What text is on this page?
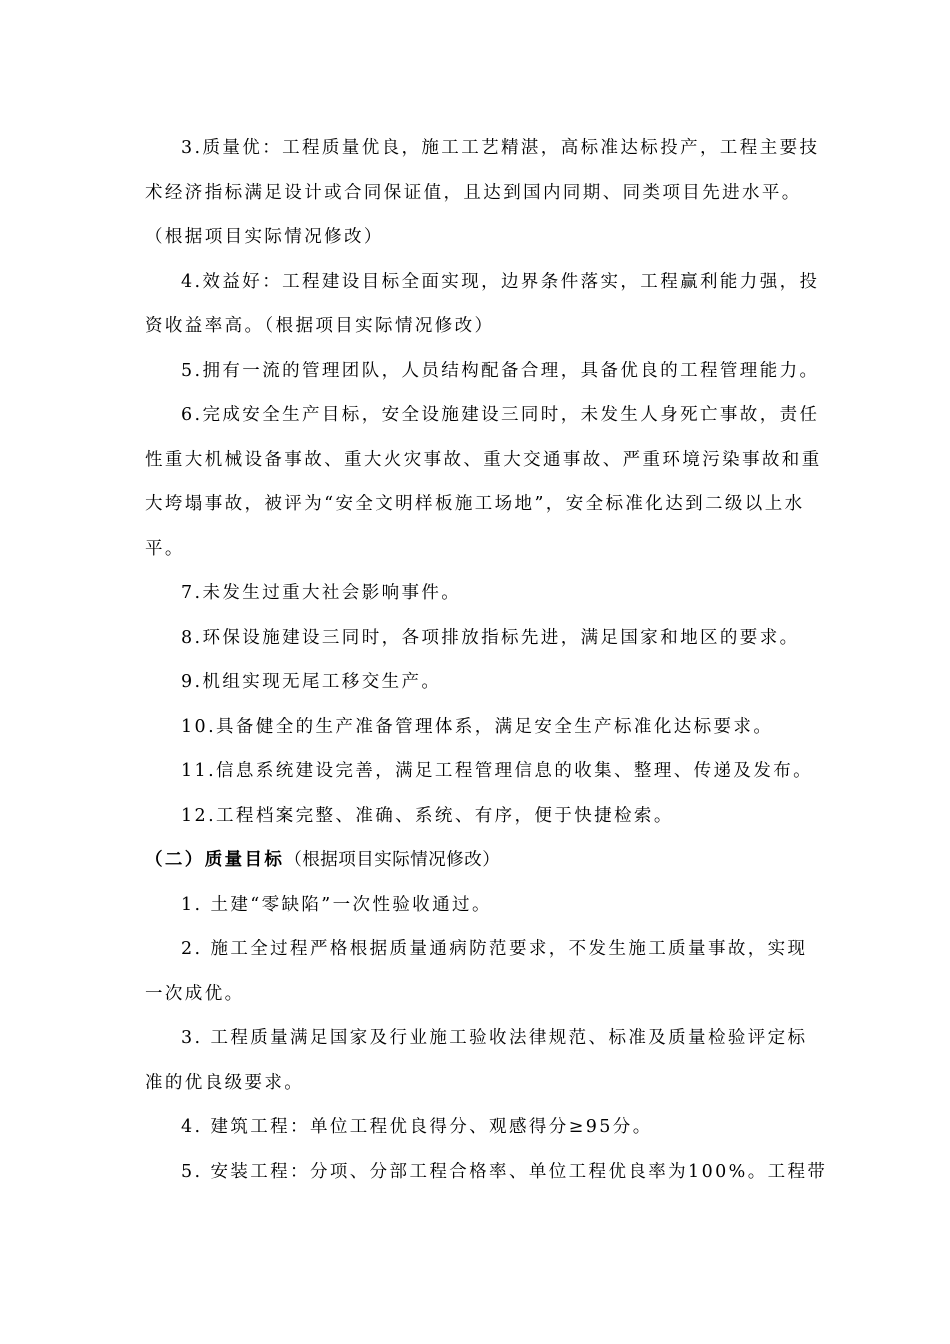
3.质量优：工程质量优良，施工工艺精湛，高标准达标投产，工程主要技
术经济指标满足设计或合同保证值，且达到国内同期、同类项目先进水平。
（根据项目实际情况修改）

4.效益好：工程建设目标全面实现，边界条件落实，工程赢利能力强，投
资收益率高。（根据项目实际情况修改）

5.拥有一流的管理团队，人员结构配备合理，具备优良的工程管理能力。

6.完成安全生产目标，安全设施建设三同时，未发生人身死亡事故，责任
性重大机械设备事故、重大火灾事故、重大交通事故、严重环境污染事故和重
大垮塌事故，被评为“安全文明样板施工场地”，安全标准化达到二级以上水
平。

7.未发生过重大社会影响事件。

8.环保设施建设三同时，各项排放指标先进，满足国家和地区的要求。

9.机组实现无尾工移交生产。

10.具备健全的生产准备管理体系，满足安全生产标准化达标要求。

11.信息系统建设完善，满足工程管理信息的收集、整理、传递及发布。

12.工程档案完整、准确、系统、有序，便于快捷检索。

（二）质量目标（根据项目实际情况修改）

1. 土建“零缺陷”一次性验收通过。

2. 施工全过程严格根据质量通病防范要求，不发生施工质量事故，实现
一次成优。

3. 工程质量满足国家及行业施工验收法律规范、标准及质量检验评定标
准的优良级要求。

4. 建筑工程：单位工程优良得分、观感得分≥95分。

5. 安装工程：分项、分部工程合格率、单位工程优良率为100%。工程带
